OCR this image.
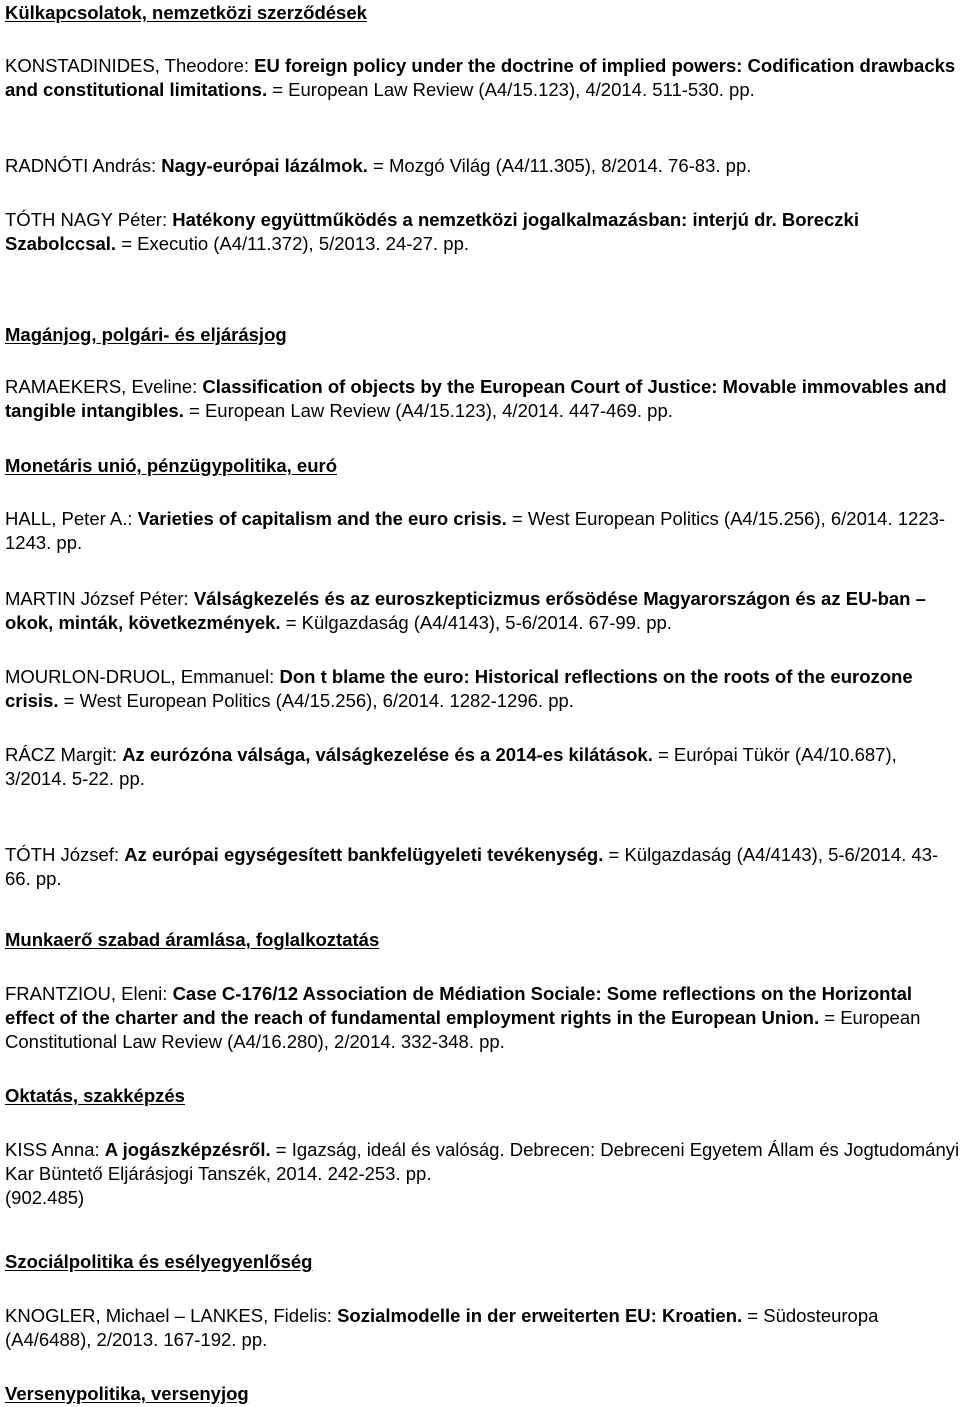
Külkapcsolatok, nemzetközi szerződések
KONSTADINIDES, Theodore: EU foreign policy under the doctrine of implied powers: Codification drawbacks and constitutional limitations. = European Law Review (A4/15.123), 4/2014. 511-530. pp.
RADNÓTI András: Nagy-európai lázálmok. = Mozgó Világ (A4/11.305), 8/2014. 76-83. pp.
TÓTH NAGY Péter: Hatékony együttműködés a nemzetközi jogalkalmazásban: interjú dr. Boreczki Szabolccsal. = Executio (A4/11.372), 5/2013. 24-27. pp.
Magánjog, polgári- és eljárásjog
RAMAEKERS, Eveline: Classification of objects by the European Court of Justice: Movable immovables and tangible intangibles. = European Law Review (A4/15.123), 4/2014. 447-469. pp.
Monetáris unió, pénzügypolitika, euró
HALL, Peter A.: Varieties of capitalism and the euro crisis. = West European Politics (A4/15.256), 6/2014. 1223-1243. pp.
MARTIN József Péter: Válságkezelés és az euroszkepticizmus erősödése Magyarországon és az EU-ban – okok, minták, következmények. = Külgazdaság (A4/4143), 5-6/2014. 67-99. pp.
MOURLON-DRUOL, Emmanuel: Don t blame the euro: Historical reflections on the roots of the eurozone crisis. = West European Politics (A4/15.256), 6/2014. 1282-1296. pp.
RÁCZ Margit: Az eurózóna válsága, válságkezelése és a 2014-es kilátások. = Európai Tükör (A4/10.687), 3/2014. 5-22. pp.
TÓTH József: Az európai egységesített bankfelügyeleti tevékenység. = Külgazdaság (A4/4143), 5-6/2014. 43-66. pp.
Munkaerő szabad áramlása, foglalkoztatás
FRANTZIOU, Eleni: Case C-176/12 Association de Médiation Sociale: Some reflections on the Horizontal effect of the charter and the reach of fundamental employment rights in the European Union. = European Constitutional Law Review (A4/16.280), 2/2014. 332-348. pp.
Oktatás, szakképzés
KISS Anna: A jogászképzésről. = Igazság, ideál és valóság. Debrecen: Debreceni Egyetem Állam és Jogtudományi Kar Büntető Eljárásjogi Tanszék, 2014. 242-253. pp.
(902.485)
Szociálpolitika és esélyegyenlőség
KNOGLER, Michael – LANKES, Fidelis: Sozialmodelle in der erweiterten EU: Kroatien. = Südosteuropa (A4/6488), 2/2013. 167-192. pp.
Versenypolitika, versenyjog
